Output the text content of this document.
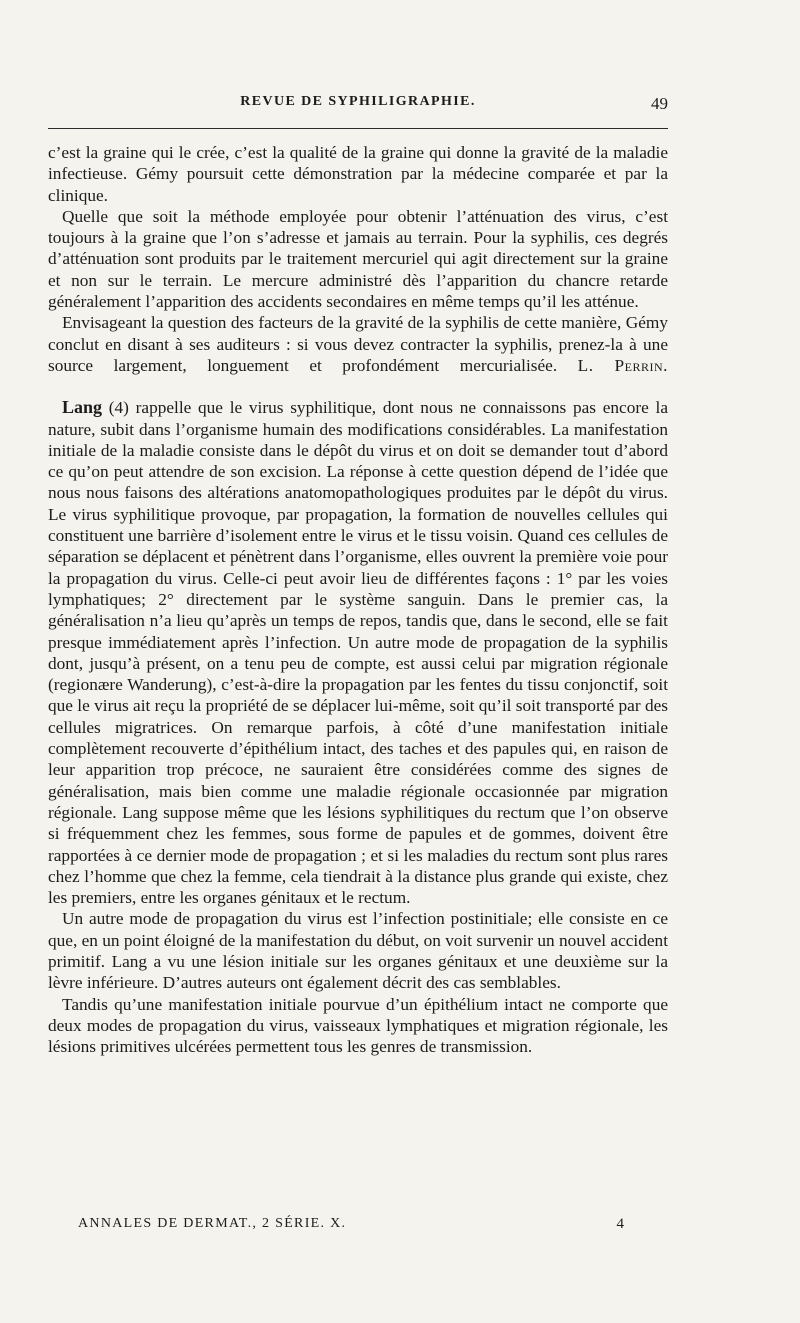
REVUE DE SYPHILIGRAPHIE.	49

c’est la graine qui le crée, c’est la qualité de la graine qui donne la gravité de la maladie infectieuse. Gémy poursuit cette démonstration par la médecine comparée et par la clinique.

Quelle que soit la méthode employée pour obtenir l’atténuation des virus, c’est toujours à la graine que l’on s’adresse et jamais au terrain. Pour la syphilis, ces degrés d’atténuation sont produits par le traitement mercuriel qui agit directement sur la graine et non sur le terrain. Le mercure administré dès l’apparition du chancre retarde généralement l’apparition des accidents secondaires en même temps qu’il les atténue.

Envisageant la question des facteurs de la gravité de la syphilis de cette manière, Gémy conclut en disant à ses auditeurs : si vous devez contracter la syphilis, prenez-la à une source largement, longuement et profondément mercurialisée. L. Perrin.

Lang (4) rappelle que le virus syphilitique, dont nous ne connaissons pas encore la nature, subit dans l’organisme humain des modifications considérables. La manifestation initiale de la maladie consiste dans le dépôt du virus et on doit se demander tout d’abord ce qu’on peut attendre de son excision. La réponse à cette question dépend de l’idée que nous nous faisons des altérations anatomopathologiques produites par le dépôt du virus. Le virus syphilitique provoque, par propagation, la formation de nouvelles cellules qui constituent une barrière d’isolement entre le virus et le tissu voisin. Quand ces cellules de séparation se déplacent et pénètrent dans l’organisme, elles ouvrent la première voie pour la propagation du virus. Celle-ci peut avoir lieu de différentes façons : 1° par les voies lymphatiques; 2° directement par le système sanguin. Dans le premier cas, la généralisation n’a lieu qu’après un temps de repos, tandis que, dans le second, elle se fait presque immédiatement après l’infection. Un autre mode de propagation de la syphilis dont, jusqu’à présent, on a tenu peu de compte, est aussi celui par migration régionale (regionære Wanderung), c’est-à-dire la propagation par les fentes du tissu conjonctif, soit que le virus ait reçu la propriété de se déplacer lui-même, soit qu’il soit transporté par des cellules migratrices. On remarque parfois, à côté d’une manifestation initiale complètement recouverte d’épithélium intact, des taches et des papules qui, en raison de leur apparition trop précoce, ne sauraient être considérées comme des signes de généralisation, mais bien comme une maladie régionale occasionnée par migration régionale. Lang suppose même que les lésions syphilitiques du rectum que l’on observe si fréquemment chez les femmes, sous forme de papules et de gommes, doivent être rapportées à ce dernier mode de propagation ; et si les maladies du rectum sont plus rares chez l’homme que chez la femme, cela tiendrait à la distance plus grande qui existe, chez les premiers, entre les organes génitaux et le rectum.

Un autre mode de propagation du virus est l’infection postinitiale; elle consiste en ce que, en un point éloigné de la manifestation du début, on voit survenir un nouvel accident primitif. Lang a vu une lésion initiale sur les organes génitaux et une deuxième sur la lèvre inférieure. D’autres auteurs ont également décrit des cas semblables.

Tandis qu’une manifestation initiale pourvue d’un épithélium intact ne comporte que deux modes de propagation du virus, vaisseaux lymphatiques et migration régionale, les lésions primitives ulcérées permettent tous les genres de transmission.

ANNALES DE DERMAT., 2 SÉRIE. X.	4
